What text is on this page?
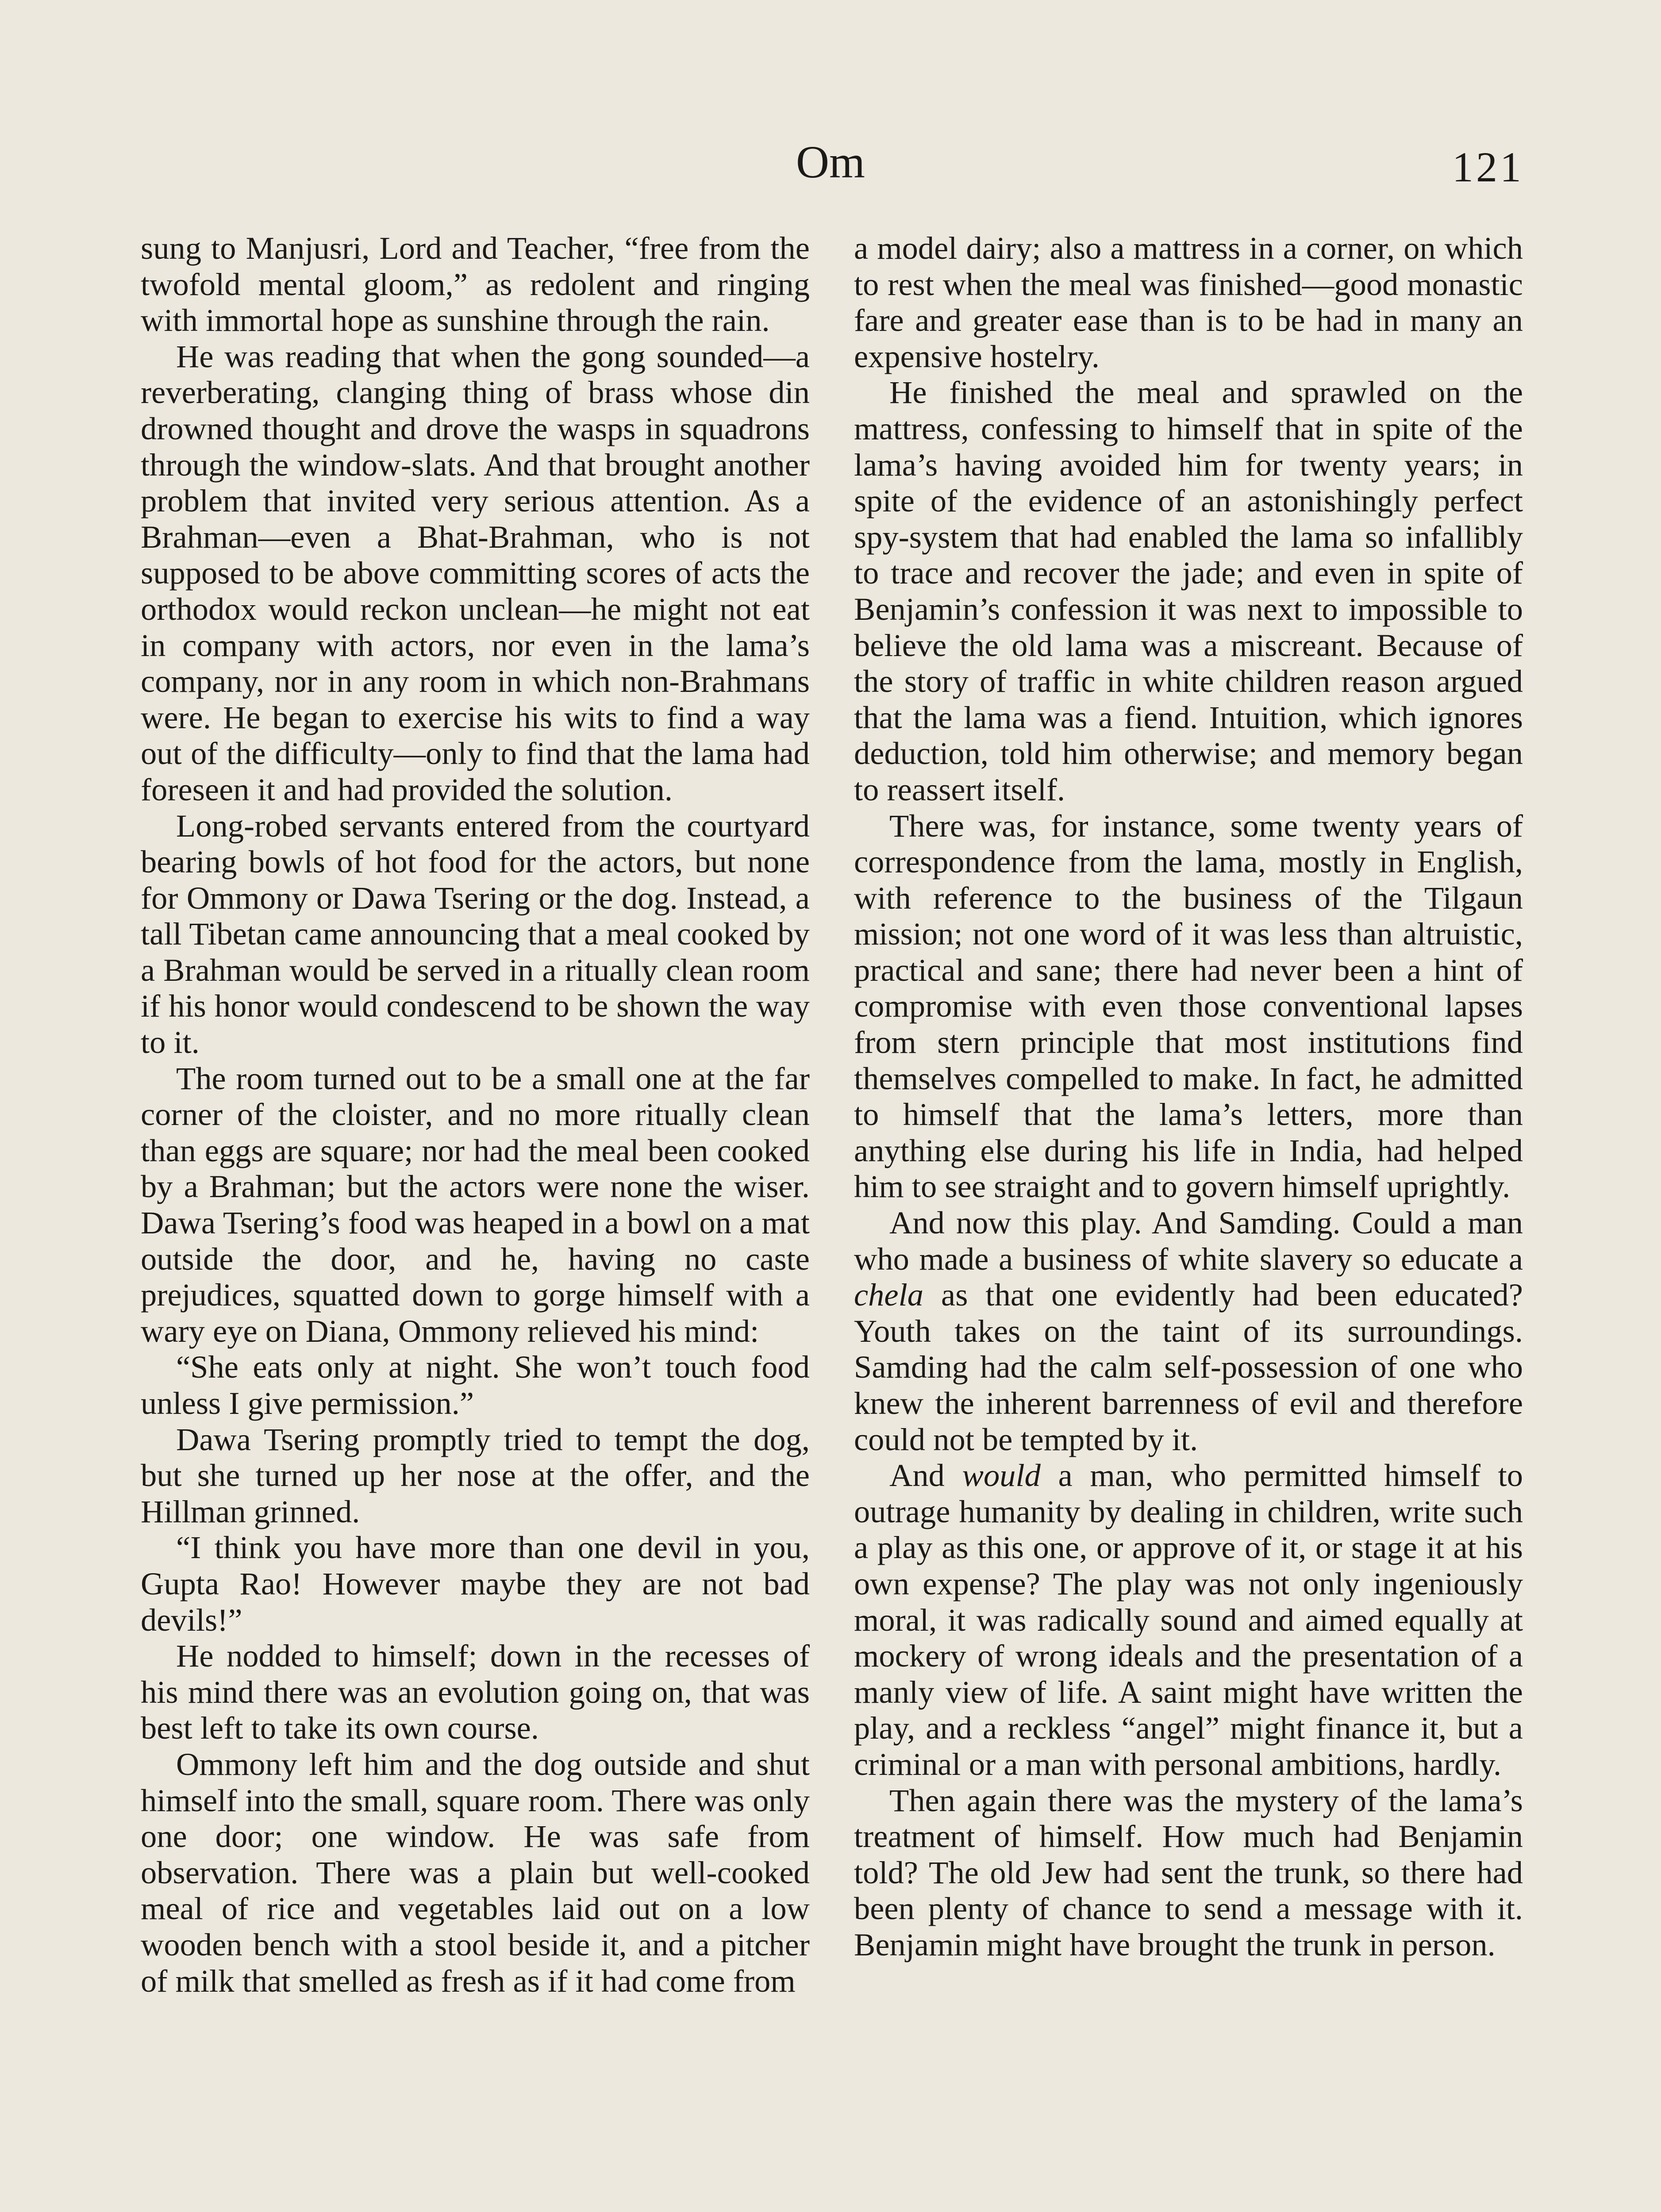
Om	121

sung to Manjusri, Lord and Teacher, “free from the twofold mental gloom,” as redolent and ringing with immortal hope as sunshine through the rain.

He was reading that when the gong sounded—a reverberating, clanging thing of brass whose din drowned thought and drove the wasps in squadrons through the window-slats. And that brought another problem that invited very serious attention. As a Brahman—even a Bhat-Brahman, who is not supposed to be above committing scores of acts the orthodox would reckon unclean—he might not eat in company with actors, nor even in the lama’s company, nor in any room in which non-Brahmans were. He began to exercise his wits to find a way out of the difficulty—only to find that the lama had foreseen it and had provided the solution.

Long-robed servants entered from the courtyard bearing bowls of hot food for the actors, but none for Ommony or Dawa Tsering or the dog. Instead, a tall Tibetan came announcing that a meal cooked by a Brahman would be served in a ritually clean room if his honor would condescend to be shown the way to it.

The room turned out to be a small one at the far corner of the cloister, and no more ritually clean than eggs are square; nor had the meal been cooked by a Brahman; but the actors were none the wiser. Dawa Tsering’s food was heaped in a bowl on a mat outside the door, and he, having no caste prejudices, squatted down to gorge himself with a wary eye on Diana, Ommony relieved his mind:

“She eats only at night. She won’t touch food unless I give permission.”

Dawa Tsering promptly tried to tempt the dog, but she turned up her nose at the offer, and the Hillman grinned.

“I think you have more than one devil in you, Gupta Rao! However maybe they are not bad devils!”

He nodded to himself; down in the recesses of his mind there was an evolution going on, that was best left to take its own course.

Ommony left him and the dog outside and shut himself into the small, square room. There was only one door; one window. He was safe from observation. There was a plain but well-cooked meal of rice and vegetables laid out on a low wooden bench with a stool beside it, and a pitcher of milk that smelled as fresh as if it had come from

a model dairy; also a mattress in a corner, on which to rest when the meal was finished—good monastic fare and greater ease than is to be had in many an expensive hostelry.

He finished the meal and sprawled on the mattress, confessing to himself that in spite of the lama’s having avoided him for twenty years; in spite of the evidence of an astonishingly perfect spy-system that had enabled the lama so infallibly to trace and recover the jade; and even in spite of Benjamin’s confession it was next to impossible to believe the old lama was a miscreant. Because of the story of traffic in white children reason argued that the lama was a fiend. Intuition, which ignores deduction, told him otherwise; and memory began to reassert itself.

There was, for instance, some twenty years of correspondence from the lama, mostly in English, with reference to the business of the Tilgaun mission; not one word of it was less than altruistic, practical and sane; there had never been a hint of compromise with even those conventional lapses from stern principle that most institutions find themselves compelled to make. In fact, he admitted to himself that the lama’s letters, more than anything else during his life in India, had helped him to see straight and to govern himself uprightly.

And now this play. And Samding. Could a man who made a business of white slavery so educate a chela as that one evidently had been educated? Youth takes on the taint of its surroundings. Samding had the calm self-possession of one who knew the inherent barrenness of evil and therefore could not be tempted by it.

And would a man, who permitted himself to outrage humanity by dealing in children, write such a play as this one, or approve of it, or stage it at his own expense? The play was not only ingeniously moral, it was radically sound and aimed equally at mockery of wrong ideals and the presentation of a manly view of life. A saint might have written the play, and a reckless “angel” might finance it, but a criminal or a man with personal ambitions, hardly.

Then again there was the mystery of the lama’s treatment of himself. How much had Benjamin told? The old Jew had sent the trunk, so there had been plenty of chance to send a message with it. Benjamin might have brought the trunk in person.
